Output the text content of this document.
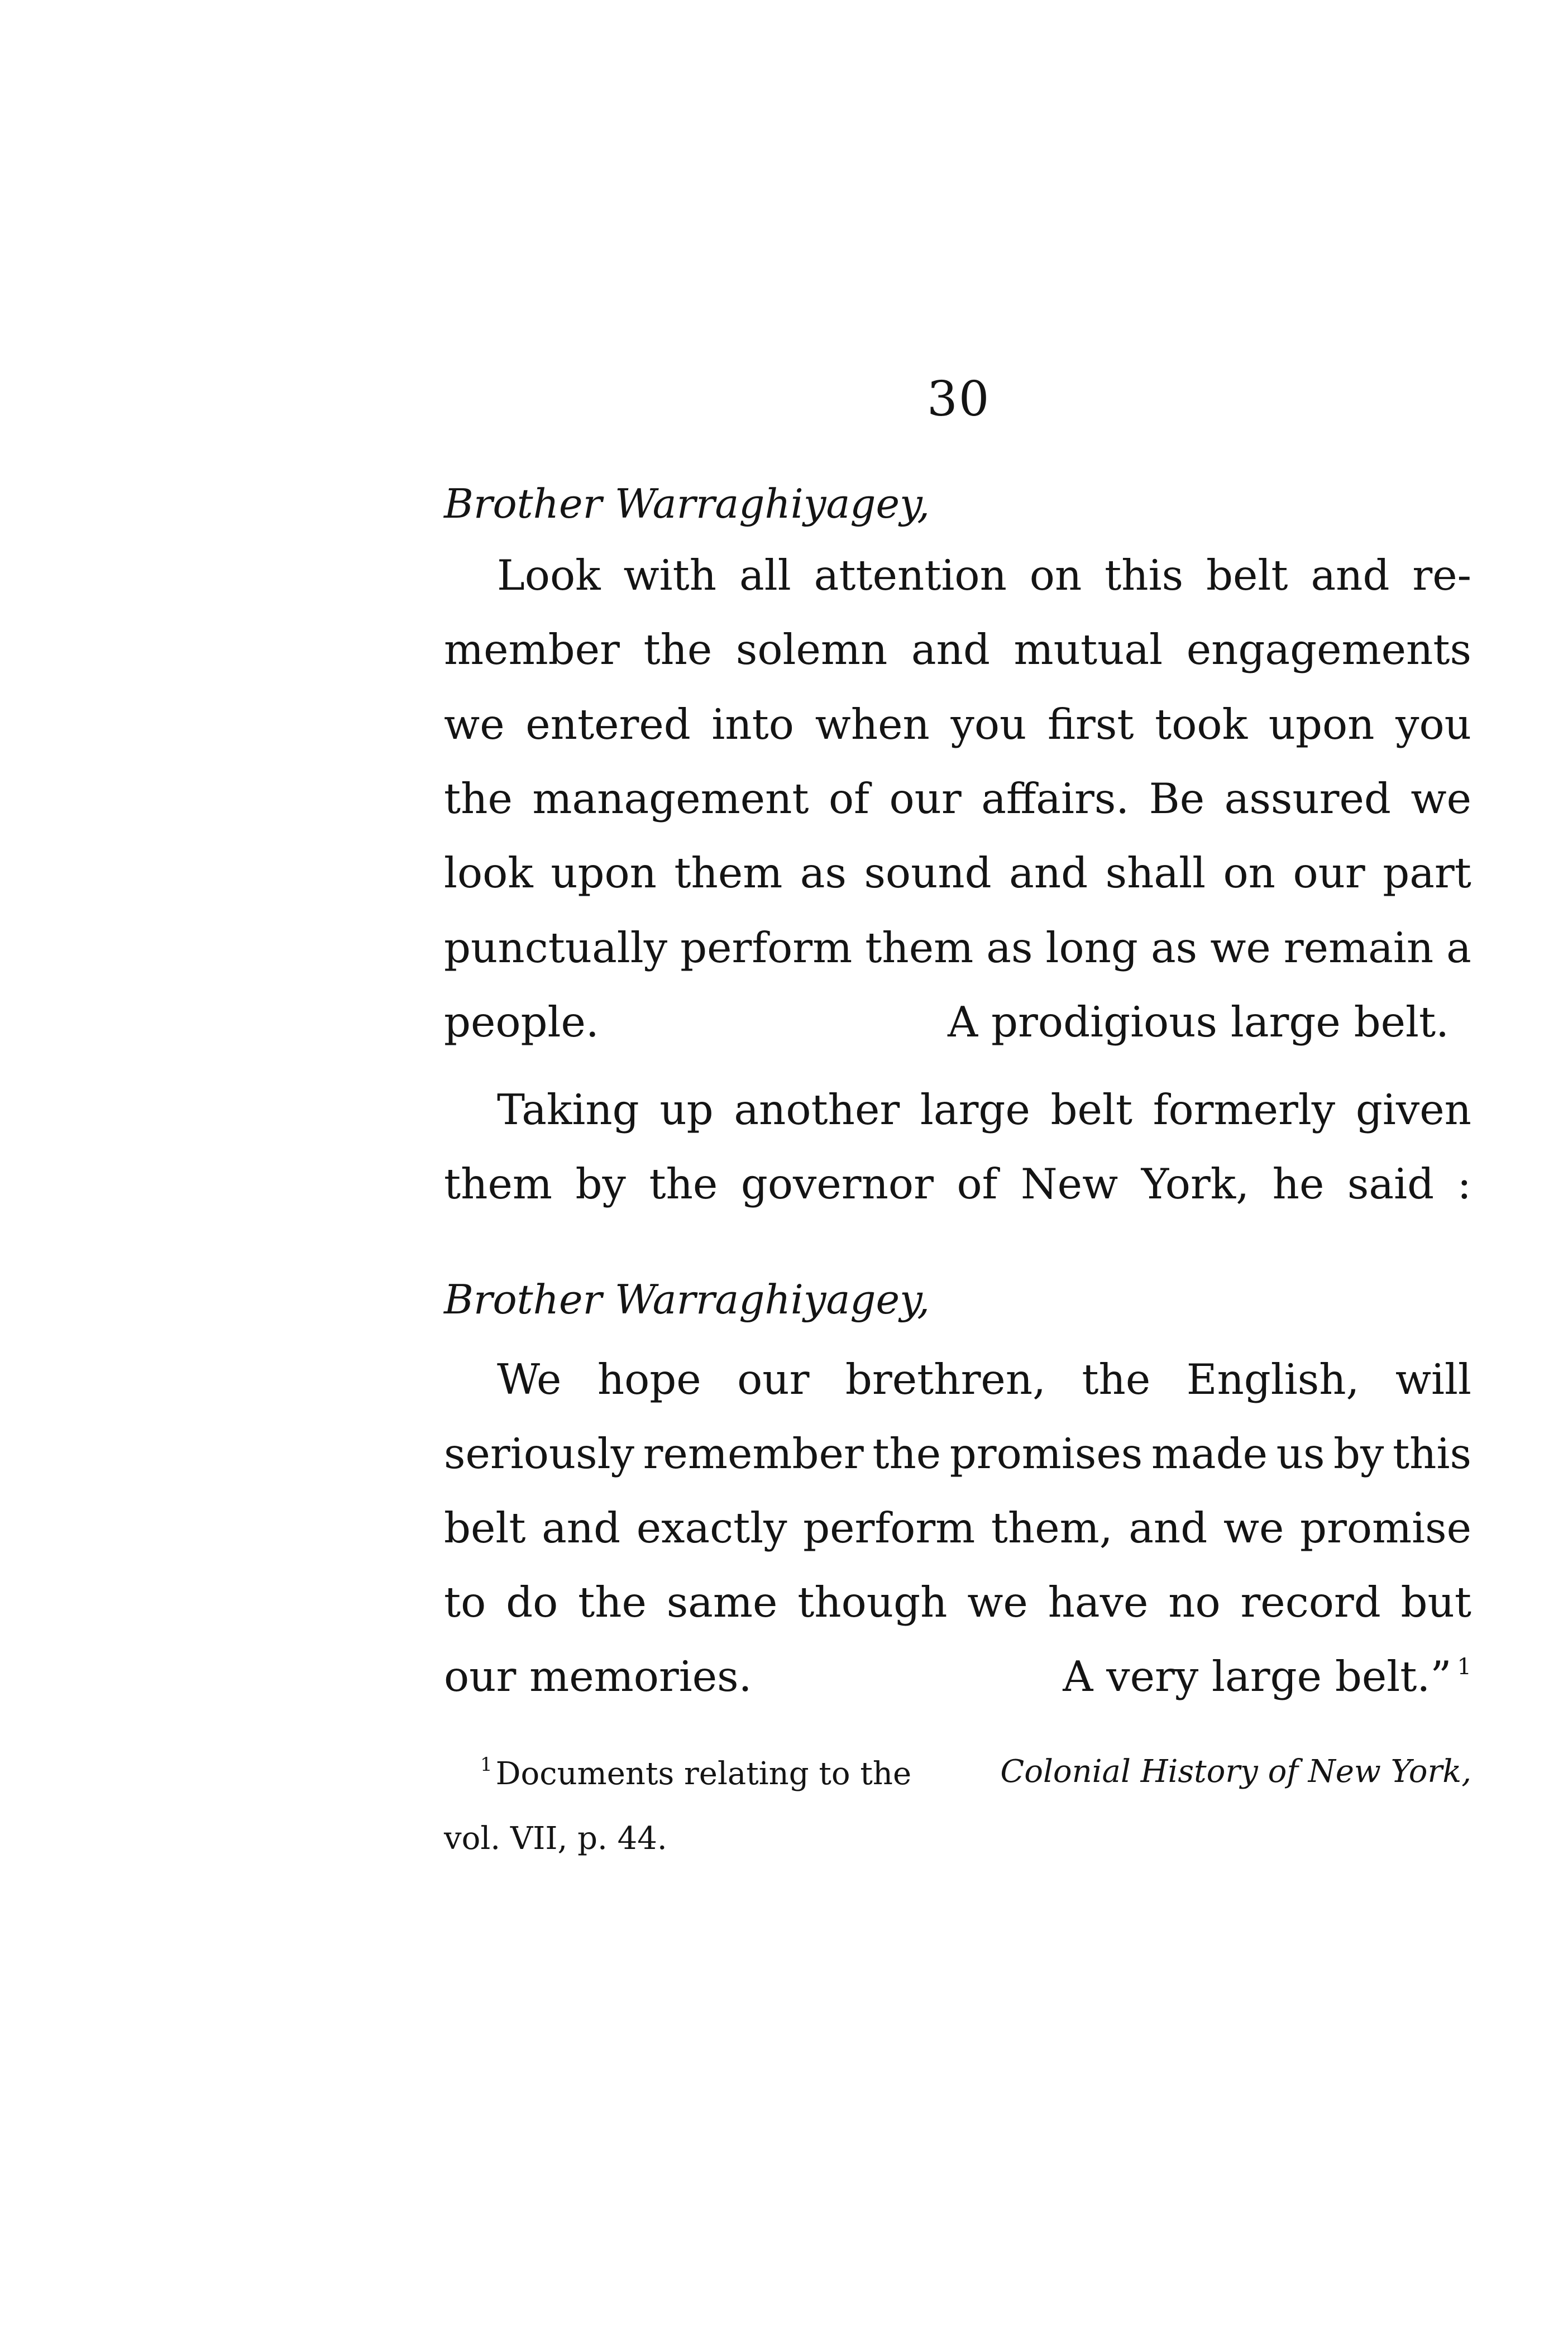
30
Brother Warraghiyagey,
Look with all attention on this belt and re-
member the solemn and mutual engagements
we entered into when you first took upon you
the management of our affairs. Be assured we
look upon them as sound and shall on our part
punctually perform them as long as we remain a
people.	A prodigious large belt.
Taking up another large belt formerly given
them by the governor of New York, he said :
Brother Warraghiyagey,
We hope our brethren, the English, will
seriously remember the promises made us by this
belt and exactly perform them, and we promise
to do the same though we have no record but
our memories.	A very large belt.” $^1$
$^1$ Documents relating to the	Colonial History of New York,
vol. VII, p. 44.
